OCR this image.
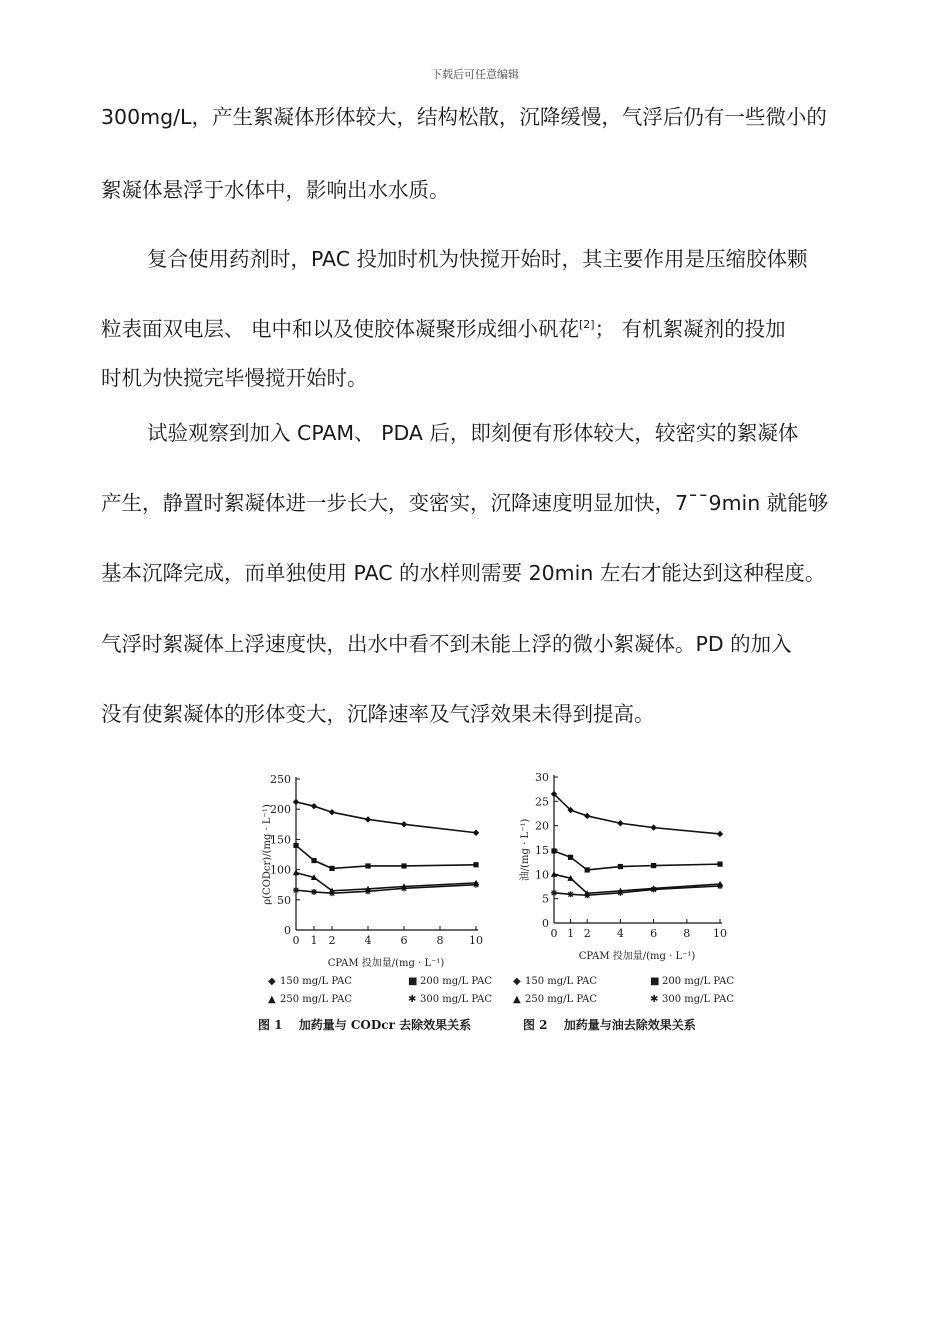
下载后可任意编辑
300mg/L，产生絮凝体形体较大，结构松散，沉降缓慢，气浮后仍有一些微小的
絮凝体悬浮于水体中，影响出水水质。
复合使用药剂时，PAC 投加时机为快搅开始时，其主要作用是压缩胶体颗
粒表面双电层、 电中和以及使胶体凝聚形成细小矾花[2]； 有机絮凝剂的投加
时机为快搅完毕慢搅开始时。
试验观察到加入 CPAM、 PDA 后，即刻便有形体较大，较密实的絮凝体
产生，静置时絮凝体进一步长大，变密实，沉降速度明显加快，7¯¯9min 就能够
基本沉降完成，而单独使用 PAC 的水样则需要 20min 左右才能达到这种程度。
气浮时絮凝体上浮速度快，出水中看不到未能上浮的微小絮凝体。PD 的加入
没有使絮凝体的形体变大，沉降速率及气浮效果未得到提高。
0
50
100
150
200
250
0 1 2	4	6	8 10
CPAM 投加量/(mg · L⁻¹)
ρ(CODcr)/(mg · L⁻¹)
0
5
10
15
20
25
30
0 1 2 4 6 8 10
CPAM 投加量/(mg · L⁻¹)
油/(mg · L⁻¹)
◆ 150 mg/L PAC	■ 200 mg/L PAC
▲ 250 mg/L PAC	✱ 300 mg/L PAC
◆ 150 mg/L PAC	■ 200 mg/L PAC
▲ 250 mg/L PAC	✱ 300 mg/L PAC
图 1　 加药量与 CODcr 去除效果关系	图 2　 加药量与油去除效果关系
